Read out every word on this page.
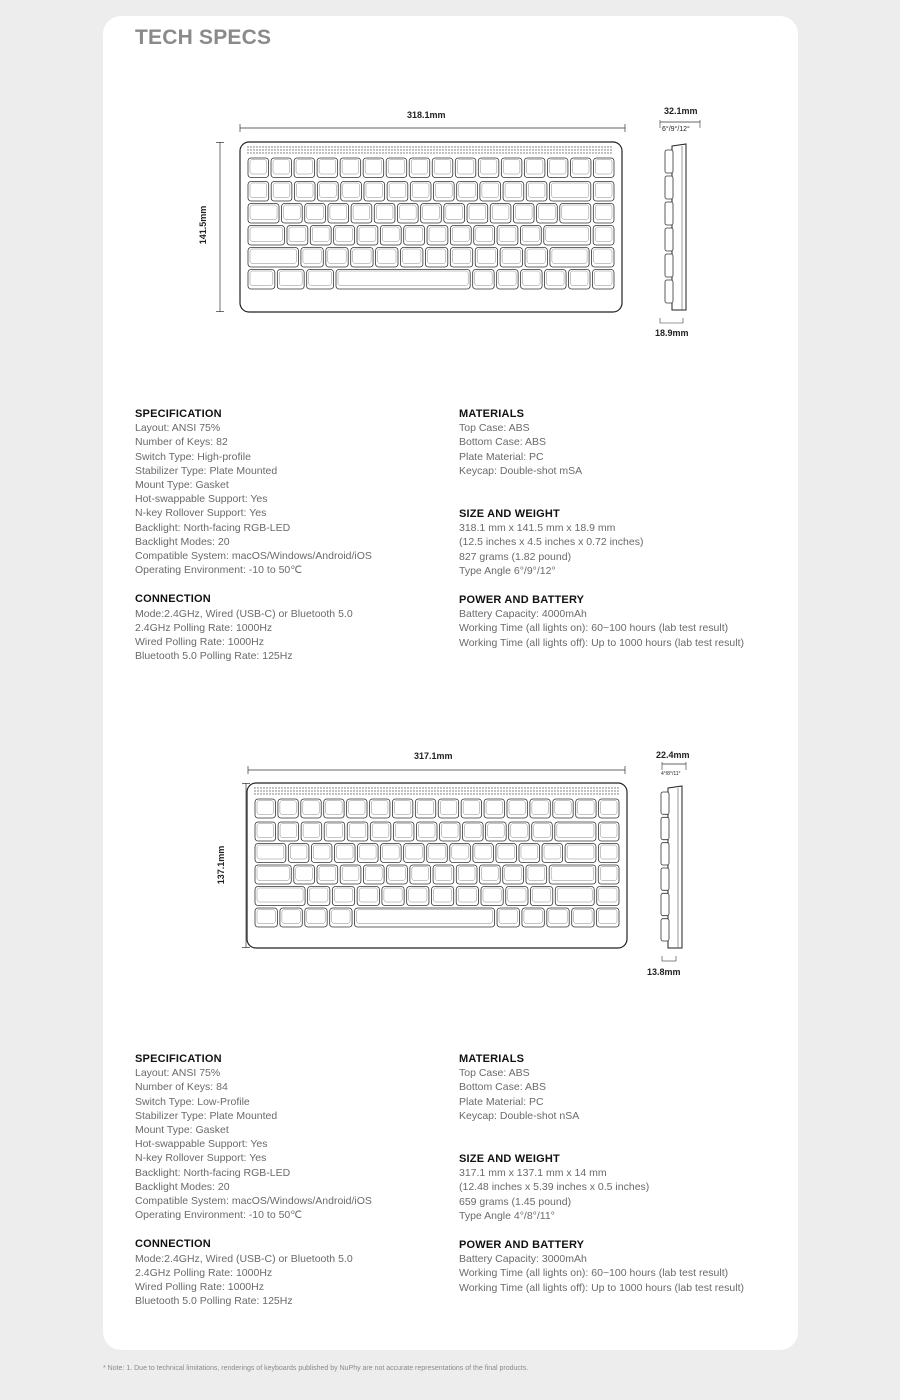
TECH SPECS
318.1mm
141.5mm
32.1mm
6°/9°/12°
18.9mm
SPECIFICATION
Layout: ANSI 75%
Number of Keys: 82
Switch Type: High-profile
Stabilizer Type: Plate Mounted
Mount Type: Gasket
Hot-swappable Support: Yes
N-key Rollover Support: Yes
Backlight: North-facing RGB-LED
Backlight Modes: 20
Compatible System: macOS/Windows/Android/iOS
Operating Environment: -10 to 50℃
CONNECTION
Mode:2.4GHz, Wired (USB-C) or Bluetooth 5.0
2.4GHz Polling Rate: 1000Hz
Wired Polling Rate: 1000Hz
Bluetooth 5.0 Polling Rate: 125Hz
MATERIALS
Top Case: ABS
Bottom Case: ABS
Plate Material: PC
Keycap: Double-shot mSA
SIZE AND WEIGHT
318.1 mm x 141.5 mm x 18.9 mm
(12.5 inches x 4.5 inches x 0.72 inches)
827 grams (1.82 pound)
Type Angle 6°/9°/12°
POWER AND BATTERY
Battery Capacity: 4000mAh
Working Time (all lights on): 60~100 hours (lab test result)
Working Time (all lights off): Up to 1000 hours (lab test result)
317.1mm
137.1mm
22.4mm
4°/8°/11°
13.8mm
SPECIFICATION
Layout: ANSI 75%
Number of Keys: 84
Switch Type: Low-Profile
Stabilizer Type: Plate Mounted
Mount Type: Gasket
Hot-swappable Support: Yes
N-key Rollover Support: Yes
Backlight: North-facing RGB-LED
Backlight Modes: 20
Compatible System: macOS/Windows/Android/iOS
Operating Environment: -10 to 50℃
CONNECTION
Mode:2.4GHz, Wired (USB-C) or Bluetooth 5.0
2.4GHz Polling Rate: 1000Hz
Wired Polling Rate: 1000Hz
Bluetooth 5.0 Polling Rate: 125Hz
MATERIALS
Top Case: ABS
Bottom Case: ABS
Plate Material: PC
Keycap: Double-shot nSA
SIZE AND WEIGHT
317.1 mm x 137.1 mm x 14 mm
(12.48 inches x 5.39 inches x 0.5 inches)
659 grams (1.45 pound)
Type Angle 4°/8°/11°
POWER AND BATTERY
Battery Capacity: 3000mAh
Working Time (all lights on): 60~100 hours (lab test result)
Working Time (all lights off): Up to 1000 hours (lab test result)
* Note: 1. Due to technical limitations, renderings of keyboards published by NuPhy are not accurate representations of the final products.
